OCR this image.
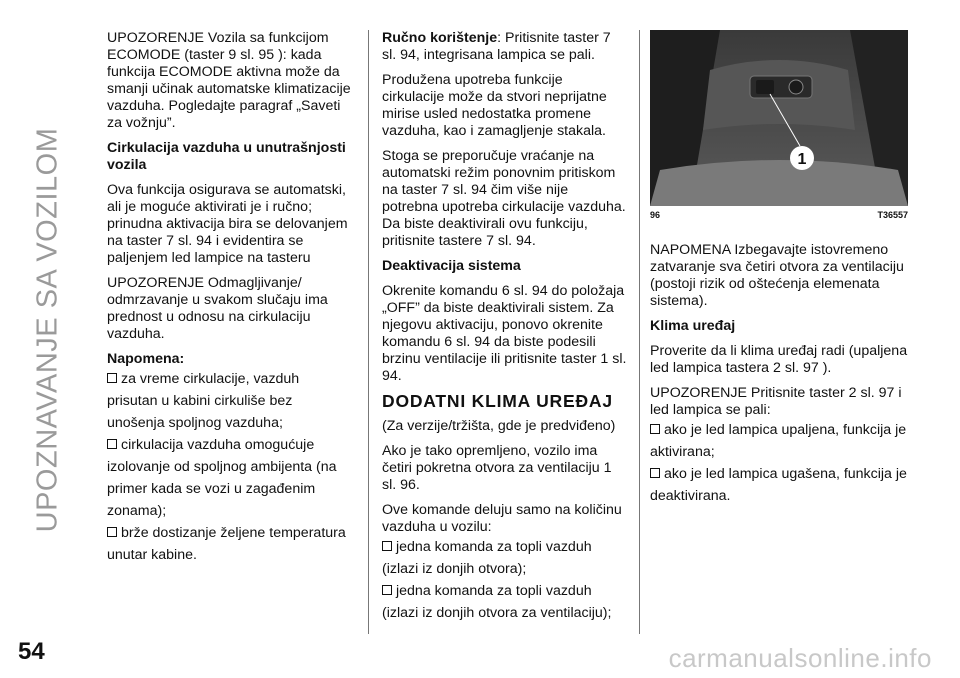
UPOZNAVANJE SA VOZILOM

UPOZORENJE Vozila sa funkcijom ECOMODE (taster 9 sl. 95 ): kada funkcija ECOMODE aktivna može da smanji učinak automatske klimatizacije vazduha. Pogledajte paragraf „Saveti za vožnju”.

Cirkulacija vazduha u unutrašnjosti vozila

Ova funkcija osigurava se automatski, ali je moguće aktivirati je i ručno; prinudna aktivacija bira se delovanjem na taster 7 sl. 94 i evidentira se paljenjem led lampice na tasteru

UPOZORENJE Odmagljivanje/ odmrzavanje u svakom slučaju ima prednost u odnosu na cirkulaciju vazduha.

Napomena:

za vreme cirkulacije, vazduh prisutan u kabini cirkuliše bez unošenja spoljnog vazduha;
cirkulacija vazduha omogućuje izolovanje od spoljnog ambijenta (na primer kada se vozi u zagađenim zonama);
brže dostizanje željene temperatura unutar kabine.

Ručno korištenje: Pritisnite taster 7 sl. 94, integrisana lampica se pali.

Produžena upotreba funkcije cirkulacije može da stvori neprijatne mirise usled nedostatka promene vazduha, kao i zamagljenje stakala.

Stoga se preporučuje vraćanje na automatski režim ponovnim pritiskom na taster 7 sl. 94 čim više nije potrebna upotreba cirkulacije vazduha. Da biste deaktivirali ovu funkciju, pritisnite tastere 7 sl. 94.

Deaktivacija sistema

Okrenite komandu 6 sl. 94 do položaja „OFF” da biste deaktivirali sistem. Za njegovu aktivaciju, ponovo okrenite komandu 6 sl. 94 da biste podesili brzinu ventilacije ili pritisnite taster 1 sl. 94.

DODATNI KLIMA UREĐAJ

(Za verzije/tržišta, gde je predviđeno)

Ako je tako opremljeno, vozilo ima četiri pokretna otvora za ventilaciju 1 sl. 96.

Ove komande deluju samo na količinu vazduha u vozilu:

jedna komanda za topli vazduh (izlazi iz donjih otvora);
jedna komanda za topli vazduh (izlazi iz donjih otvora za ventilaciju);
1
96	T36557

NAPOMENA Izbegavajte istovremeno zatvaranje sva četiri otvora za ventilaciju (postoji rizik od oštećenja elemenata sistema).

Klima uređaj

Proverite da li klima uređaj radi (upaljena led lampica tastera 2 sl. 97 ).

UPOZORENJE Pritisnite taster 2 sl. 97 i led lampica se pali:

ako je led lampica upaljena, funkcija je aktivirana;
ako je led lampica ugašena, funkcija je deaktivirana.
54	carmanualsonline.info
